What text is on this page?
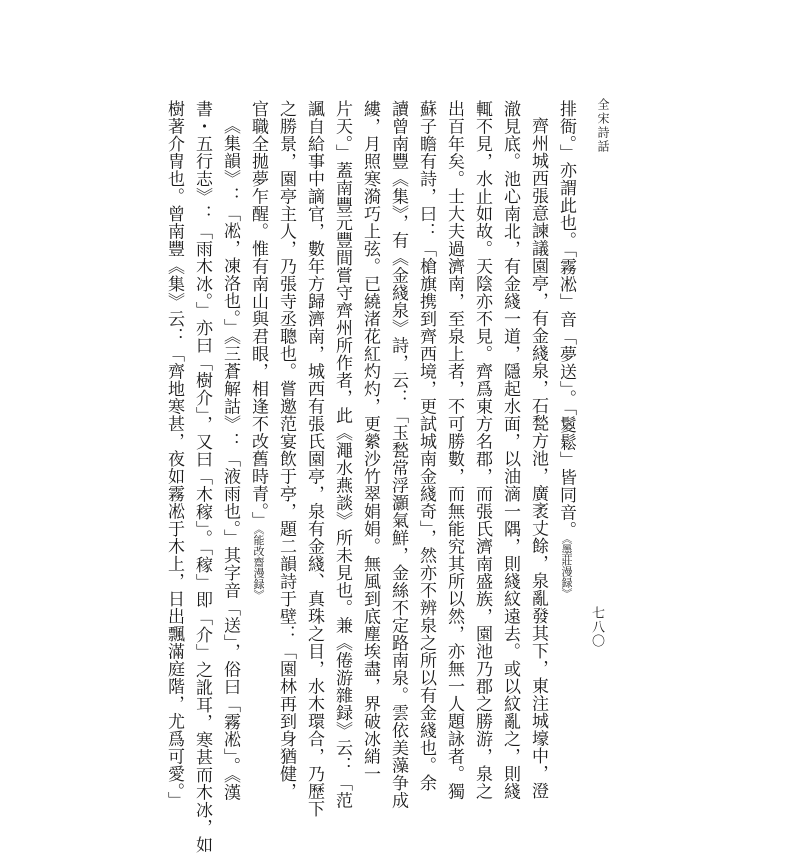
全宋詩話
七八〇
排衙。」亦謂此也。「霧凇」音「夢送」。「鬉鬆」皆同音。《墨莊漫録》
齊州城西張意諫議園亭，有金綫泉，石甃方池，廣袤丈餘，泉亂發其下，東注城壕中，澄
澈見底。池心南北，有金綫一道，隱起水面，以油滴一隅，則綫紋遠去。或以紋亂之，則綫
輒不見，水止如故。天陰亦不見。齊爲東方名郡，而張氏濟南盛族，園池乃郡之勝游，泉之
出百年矣。士大夫過濟南，至泉上者，不可勝數，而無能究其所以然，亦無一人題詠者。獨
蘇子瞻有詩，曰：「槍旗携到齊西境，更試城南金綫奇」，然亦不辨泉之所以有金綫也。余
讀曾南豐《集》，有《金綫泉》詩，云：「玉甃常浮灝氣鮮，金絲不定路南泉。雲依美藻争成
縷，月照寒漪巧上弦。已繞渚花紅灼灼，更縈沙竹翠娟娟。無風到底塵埃盡，界破冰綃一
片天。」蓋南豐元豐間嘗守齊州所作者，此《澠水燕談》所未見也。兼《倦游雜録》云：「范
諷自給事中謫官，數年方歸濟南，城西有張氏園亭，泉有金綫、真珠之目，水木環合，乃歷下
之勝景，園亭主人，乃張寺丞聰也。嘗邀范宴飲于亭，題二韻詩于壁：「園林再到身猶健，
官職全拋夢乍醒。惟有南山與君眼，相逢不改舊時青。」《能改齋漫録》
《集韻》：「凇，凍洛也。」《三蒼解詁》：「液雨也。」其字音「送」，俗曰「霧凇」。《漢
書・五行志》：「雨木冰。」亦曰「樹介」，又曰「木稼」。「稼」即「介」之訛耳，寒甚而木冰，如
樹著介冑也。曾南豐《集》云：「齊地寒甚，夜如霧凇于木上，日出飄滿庭階，尤爲可愛。」
